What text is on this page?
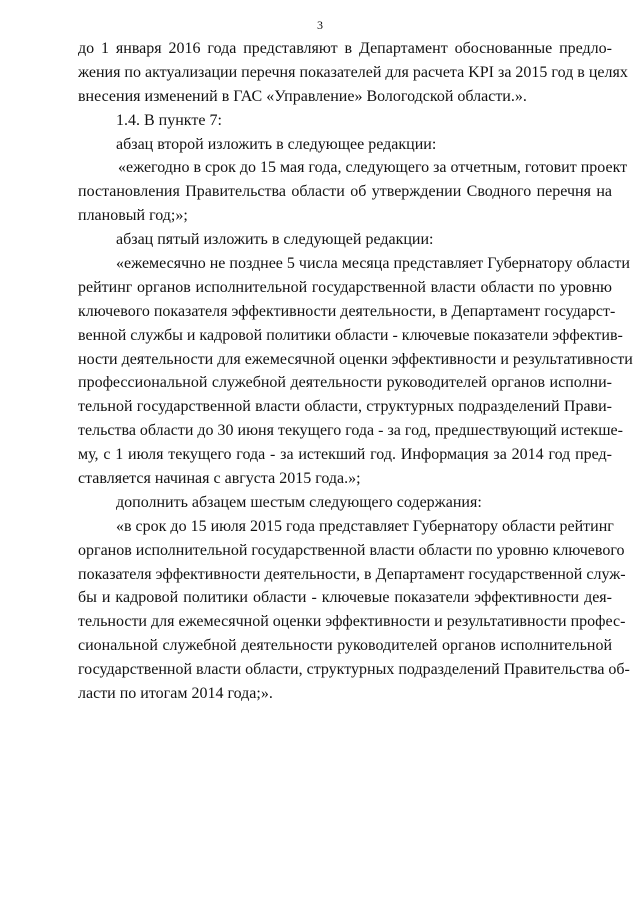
3
до 1 января 2016 года представляют в Департамент обоснованные предло-
жения по актуализации перечня показателей для расчета KPI за 2015 год в целях
внесения изменений в ГАС «Управление» Вологодской области.».
1.4. В пункте 7:
абзац второй изложить в следующее редакции:
«ежегодно в срок до 15 мая года, следующего за отчетным, готовит проект
постановления Правительства области об утверждении Сводного перечня на
плановый год;»;
абзац пятый изложить в следующей редакции:
«ежемесячно не позднее 5 числа месяца представляет Губернатору области
рейтинг органов исполнительной государственной власти области по уровню
ключевого показателя эффективности деятельности, в Департамент государст-
венной службы и кадровой политики области - ключевые показатели эффектив-
ности деятельности для ежемесячной оценки эффективности и результативности
профессиональной служебной деятельности руководителей органов исполни-
тельной государственной власти области, структурных подразделений Прави-
тельства области до 30 июня текущего года - за год, предшествующий истекше-
му, с 1 июля текущего года - за истекший год. Информация за 2014 год пред-
ставляется начиная с августа 2015 года.»;
дополнить абзацем шестым следующего содержания:
«в срок до 15 июля 2015 года представляет Губернатору области рейтинг
органов исполнительной государственной власти области по уровню ключевого
показателя эффективности деятельности, в Департамент государственной служ-
бы и кадровой политики области - ключевые показатели эффективности дея-
тельности для ежемесячной оценки эффективности и результативности профес-
сиональной служебной деятельности руководителей органов исполнительной
государственной власти области, структурных подразделений Правительства об-
ласти по итогам 2014 года;».
